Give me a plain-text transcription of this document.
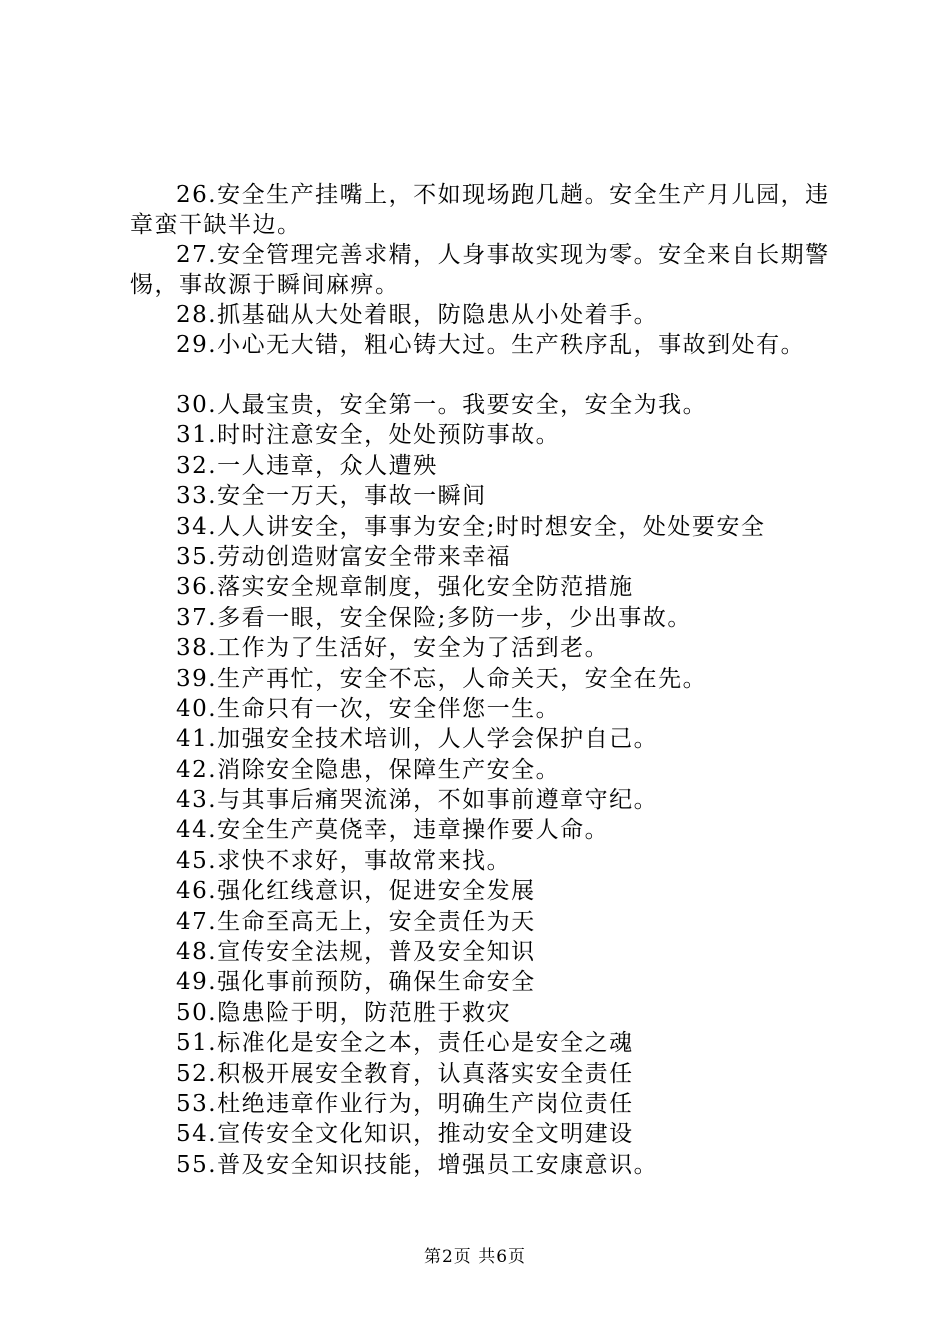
26.安全生产挂嘴上，不如现场跑几趟。安全生产月儿园，违章蛮干缺半边。
27.安全管理完善求精，人身事故实现为零。安全来自长期警惕，事故源于瞬间麻痹。
28.抓基础从大处着眼，防隐患从小处着手。
29.小心无大错，粗心铸大过。生产秩序乱，事故到处有。
30.人最宝贵，安全第一。我要安全，安全为我。
31.时时注意安全，处处预防事故。
32.一人违章，众人遭殃
33.安全一万天，事故一瞬间
34.人人讲安全，事事为安全;时时想安全，处处要安全
35.劳动创造财富安全带来幸福
36.落实安全规章制度，强化安全防范措施
37.多看一眼，安全保险;多防一步，少出事故。
38.工作为了生活好，安全为了活到老。
39.生产再忙，安全不忘，人命关天，安全在先。
40.生命只有一次，安全伴您一生。
41.加强安全技术培训，人人学会保护自己。
42.消除安全隐患，保障生产安全。
43.与其事后痛哭流涕，不如事前遵章守纪。
44.安全生产莫侥幸，违章操作要人命。
45.求快不求好，事故常来找。
46.强化红线意识，促进安全发展
47.生命至高无上，安全责任为天
48.宣传安全法规，普及安全知识
49.强化事前预防，确保生命安全
50.隐患险于明，防范胜于救灾
51.标准化是安全之本，责任心是安全之魂
52.积极开展安全教育，认真落实安全责任
53.杜绝违章作业行为，明确生产岗位责任
54.宣传安全文化知识，推动安全文明建设
55.普及安全知识技能，增强员工安康意识。
第2页 共6页
